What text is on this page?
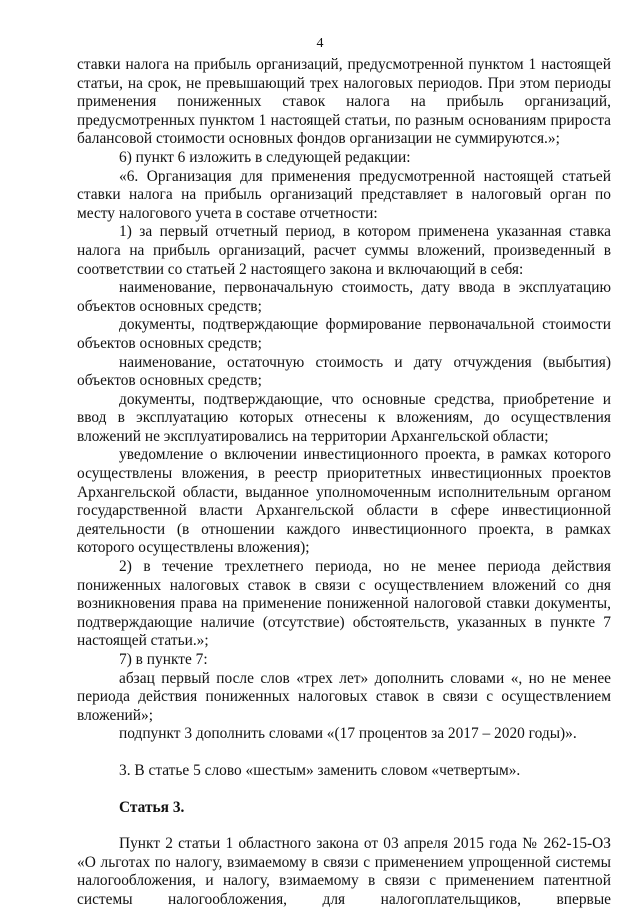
4

ставки налога на прибыль организаций, предусмотренной пунктом 1 настоящей статьи, на срок, не превышающий трех налоговых периодов. При этом периоды применения пониженных ставок налога на прибыль организаций, предусмотренных пунктом 1 настоящей статьи, по разным основаниям прироста балансовой стоимости основных фондов организации не суммируются.»;

6) пункт 6 изложить в следующей редакции:

«6. Организация для применения предусмотренной настоящей статьей ставки налога на прибыль организаций представляет в налоговый орган по месту налогового учета в составе отчетности:

1) за первый отчетный период, в котором применена указанная ставка налога на прибыль организаций, расчет суммы вложений, произведенный в соответствии со статьей 2 настоящего закона и включающий в себя:

наименование, первоначальную стоимость, дату ввода в эксплуатацию объектов основных средств;

документы, подтверждающие формирование первоначальной стоимости объектов основных средств;

наименование, остаточную стоимость и дату отчуждения (выбытия) объектов основных средств;

документы, подтверждающие, что основные средства, приобретение и ввод в эксплуатацию которых отнесены к вложениям, до осуществления вложений не эксплуатировались на территории Архангельской области;

уведомление о включении инвестиционного проекта, в рамках которого осуществлены вложения, в реестр приоритетных инвестиционных проектов Архангельской области, выданное уполномоченным исполнительным органом государственной власти Архангельской области в сфере инвестиционной деятельности (в отношении каждого инвестиционного проекта, в рамках которого осуществлены вложения);

2) в течение трехлетнего периода, но не менее периода действия пониженных налоговых ставок в связи с осуществлением вложений со дня возникновения права на применение пониженной налоговой ставки документы, подтверждающие наличие (отсутствие) обстоятельств, указанных в пункте 7 настоящей статьи.»;

7) в пункте 7:

абзац первый после слов «трех лет» дополнить словами «, но не менее периода действия пониженных налоговых ставок в связи с осуществлением вложений»;

подпункт 3 дополнить словами «(17 процентов за 2017 – 2020 годы)».

3. В статье 5 слово «шестым» заменить словом «четвертым».

Статья 3.

Пункт 2 статьи 1 областного закона от 03 апреля 2015 года № 262-15-ОЗ «О льготах по налогу, взимаемому в связи с применением упрощенной системы налогообложения, и налогу, взимаемому в связи с применением патентной системы налогообложения, для налогоплательщиков, впервые
